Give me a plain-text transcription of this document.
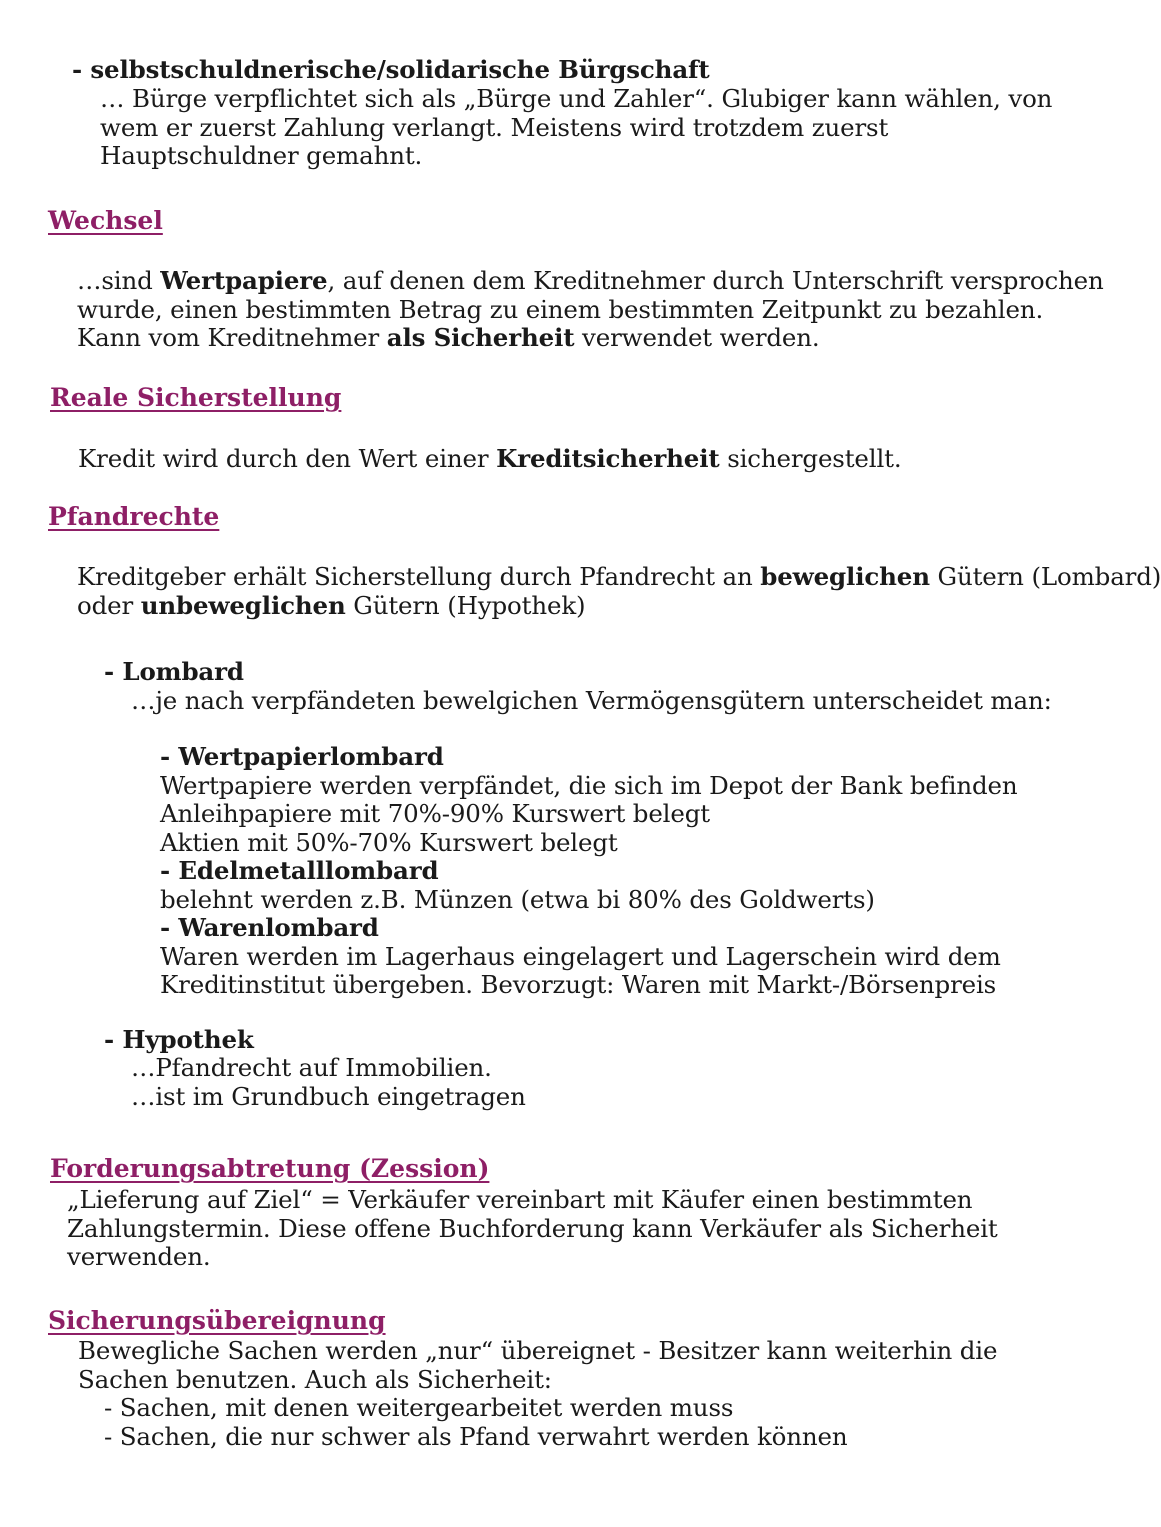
- selbstschuldnerische/solidarische Bürgschaft
… Bürge verpflichtet sich als „Bürge und Zahler“. Glubiger kann wählen, von
wem er zuerst Zahlung verlangt. Meistens wird trotzdem zuerst
Hauptschuldner gemahnt.
Wechsel
…sind Wertpapiere, auf denen dem Kreditnehmer durch Unterschrift versprochen
wurde, einen bestimmten Betrag zu einem bestimmten Zeitpunkt zu bezahlen.
Kann vom Kreditnehmer als Sicherheit verwendet werden.
Reale Sicherstellung
Kredit wird durch den Wert einer Kreditsicherheit sichergestellt.
Pfandrechte
Kreditgeber erhält Sicherstellung durch Pfandrecht an beweglichen Gütern (Lombard)
oder unbeweglichen Gütern (Hypothek)
- Lombard
…je nach verpfändeten bewelgichen Vermögensgütern unterscheidet man:
- Wertpapierlombard
Wertpapiere werden verpfändet, die sich im Depot der Bank befinden
Anleihpapiere mit 70%-90% Kurswert belegt
Aktien mit 50%-70% Kurswert belegt
- Edelmetalllombard
belehnt werden z.B. Münzen (etwa bi 80% des Goldwerts)
- Warenlombard
Waren werden im Lagerhaus eingelagert und Lagerschein wird dem
Kreditinstitut übergeben. Bevorzugt: Waren mit Markt-/Börsenpreis
- Hypothek
…Pfandrecht auf Immobilien.
…ist im Grundbuch eingetragen
Forderungsabtretung (Zession)
„Lieferung auf Ziel“ = Verkäufer vereinbart mit Käufer einen bestimmten
Zahlungstermin. Diese offene Buchforderung kann Verkäufer als Sicherheit
verwenden.
Sicherungsübereignung
Bewegliche Sachen werden „nur“ übereignet - Besitzer kann weiterhin die
Sachen benutzen. Auch als Sicherheit:
- Sachen, mit denen weitergearbeitet werden muss
- Sachen, die nur schwer als Pfand verwahrt werden können
